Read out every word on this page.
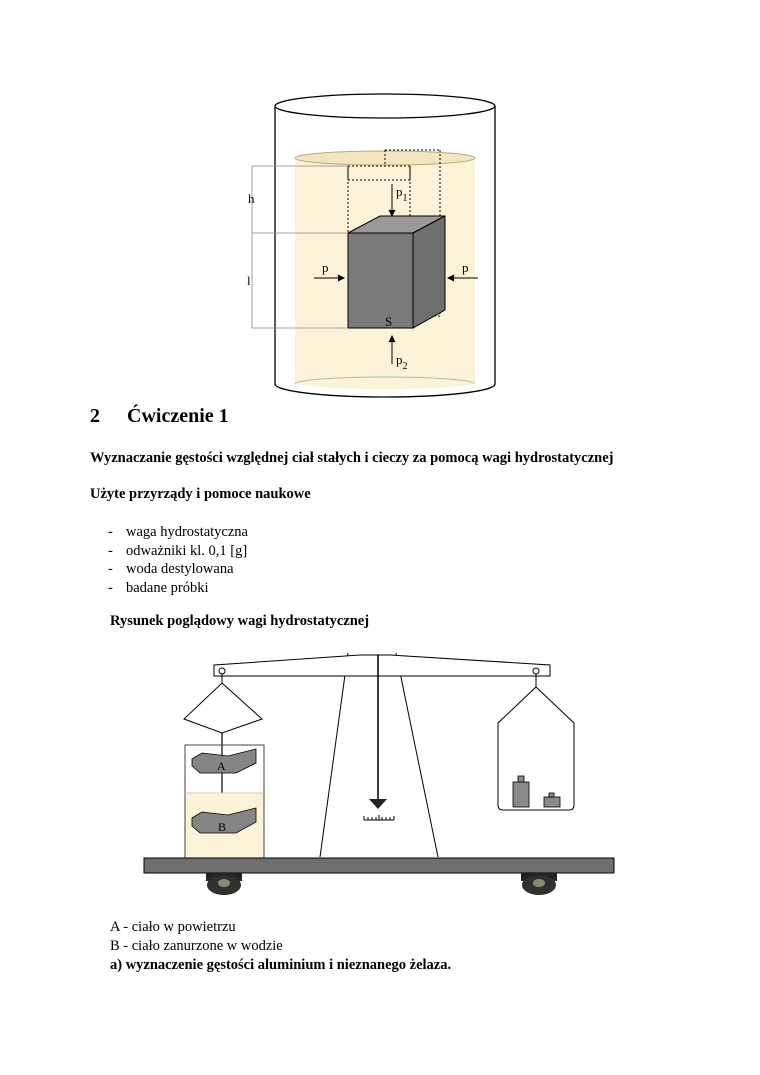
h
l
$p_1$
$p_2$
p	p
S
2 Ćwiczenie 1
Wyznaczanie gęstości względnej ciał stałych i cieczy za pomocą wagi hydrostatycznej
Użyte przyrządy i pomoce naukowe
- waga hydrostatyczna
- odważniki kl. 0,1 [g]
- woda destylowana
- badane próbki
Rysunek poglądowy wagi hydrostatycznej
A
B
A - ciało w powietrzu
B - ciało zanurzone w wodzie
a) wyznaczenie gęstości aluminium i nieznanego żelaza.
